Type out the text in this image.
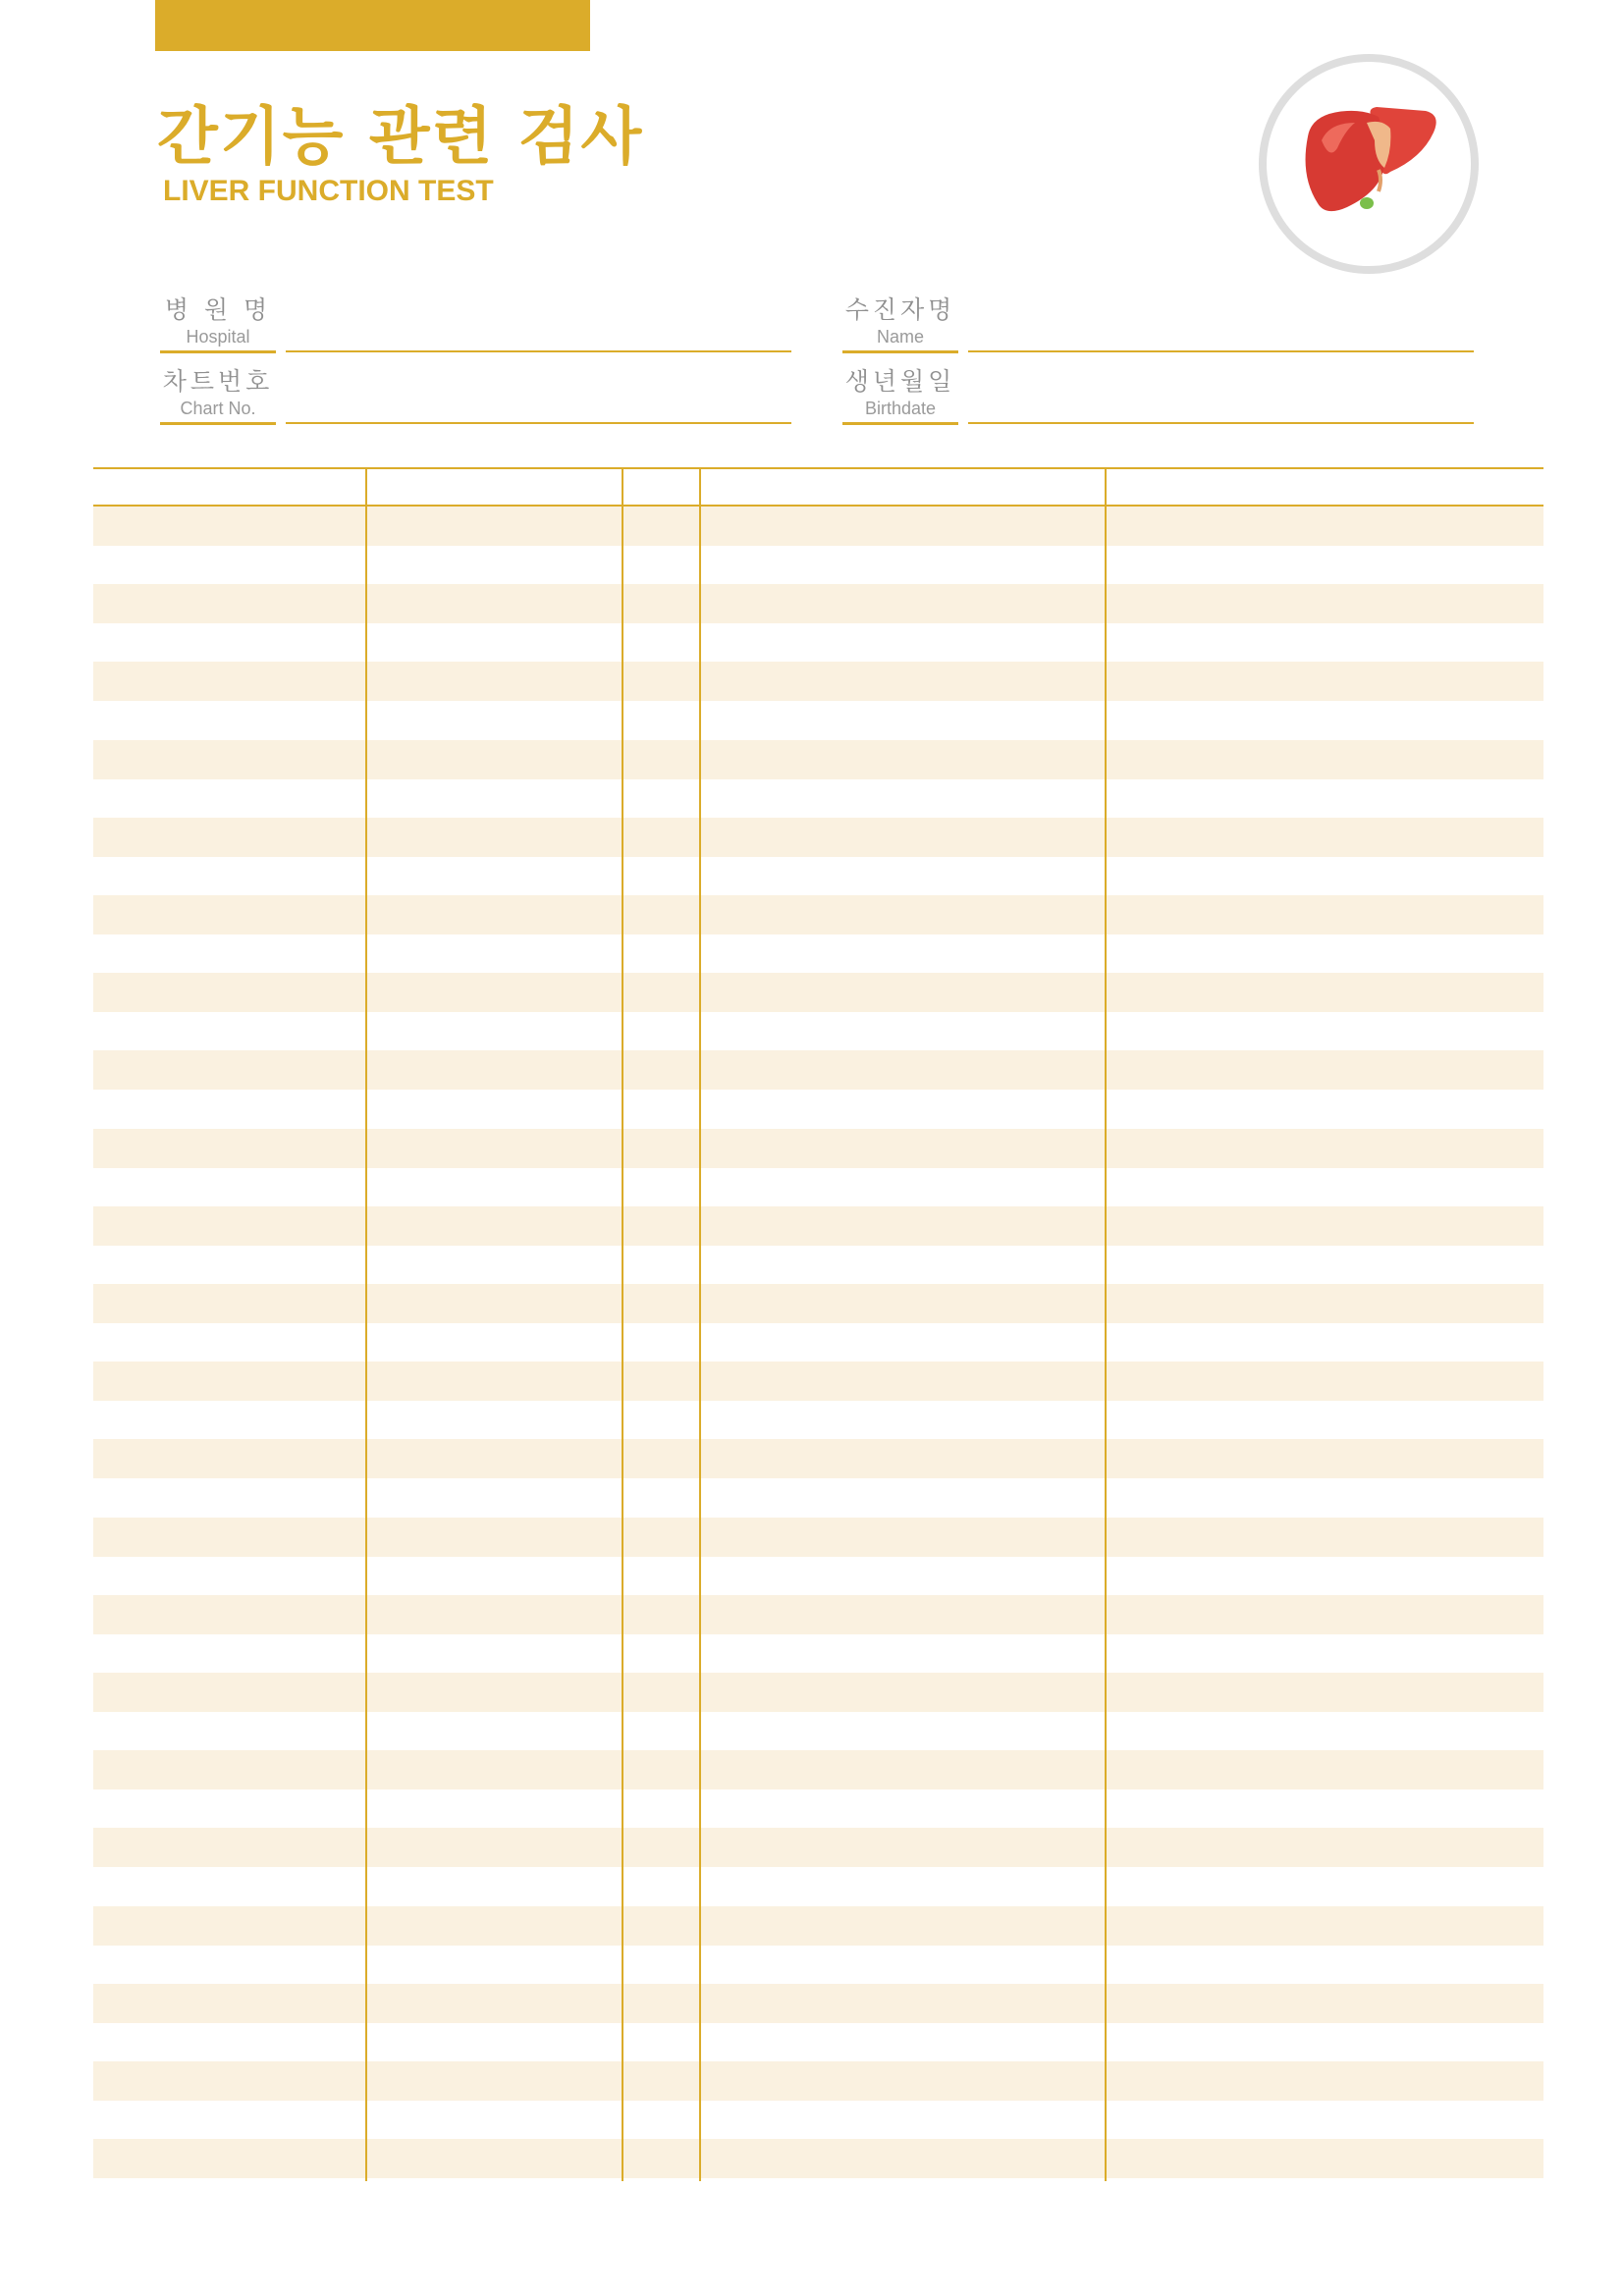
간기능 관련 검사
LIVER FUNCTION TEST
병 원 명
Hospital
수진자명
Name
차트번호
Chart No.
생년월일
Birthdate
